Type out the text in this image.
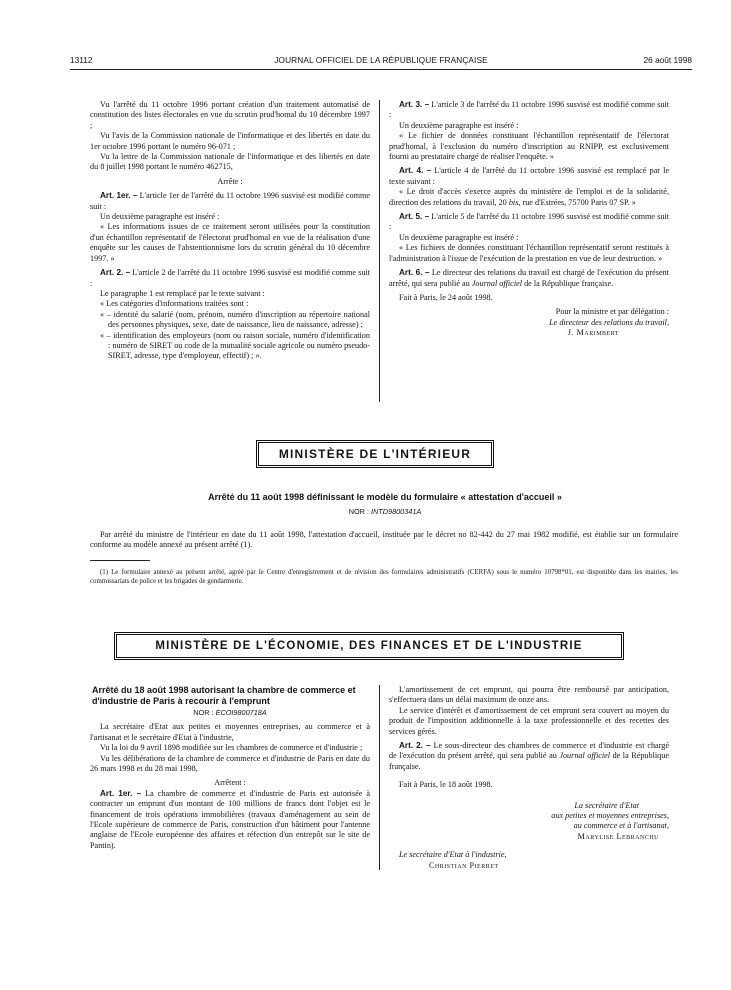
13112	JOURNAL OFFICIEL DE LA RÉPUBLIQUE FRANÇAISE	26 août 1998

Vu l'arrêté du 11 octobre 1996 portant création d'un traitement automatisé de constitution des listes électorales en vue du scrutin prud'homal du 10 décembre 1997 ;

Vu l'avis de la Commission nationale de l'informatique et des libertés en date du 1er octobre 1996 portant le numéro 96-071 ;

Vu la lettre de la Commission nationale de l'informatique et des libertés en date du 8 juillet 1998 portant le numéro 462715,

Arrête :

Art. 1er. – L'article 1er de l'arrêté du 11 octobre 1996 susvisé est modifié comme suit :

Un deuxième paragraphe est inséré :

« Les informations issues de ce traitement seront utilisées pour la constitution d'un échantillon représentatif de l'électorat prud'homal en vue de la réalisation d'une enquête sur les causes de l'abstentionnisme lors du scrutin général du 10 décembre 1997. »

Art. 2. – L'article 2 de l'arrêté du 11 octobre 1996 susvisé est modifié comme suit :

Le paragraphe 1 est remplacé par le texte suivant :

« Les catégories d'informations traitées sont :

« – identité du salarié (nom, prénom, numéro d'inscription au répertoire national des personnes physiques, sexe, date de naissance, lieu de naissance, adresse) ;

« – identification des employeurs (nom ou raison sociale, numéro d'identification : numéro de SIRET ou code de la mutualité sociale agricole ou numéro pseudo-SIRET, adresse, type d'employeur, effectif) ; ».

Art. 3. – L'article 3 de l'arrêté du 11 octobre 1996 susvisé est modifié comme suit :

Un deuxième paragraphe est inséré :

« Le fichier de données constituant l'échantillon représentatif de l'électorat prud'homal, à l'exclusion du numéro d'inscription au RNIPP, est exclusivement fourni au prestataire chargé de réaliser l'enquête. »

Art. 4. – L'article 4 de l'arrêté du 11 octobre 1996 susvisé est remplacé par le texte suivant :

« Le droit d'accès s'exerce auprès du ministère de l'emploi et de la solidarité, direction des relations du travail, 20 bis, rue d'Estrées, 75700 Paris 07 SP. »

Art. 5. – L'article 5 de l'arrêté du 11 octobre 1996 susvisé est modifié comme suit :

Un deuxième paragraphe est inséré :

« Les fichiers de données constituant l'échantillon représentatif seront restitués à l'administration à l'issue de l'exécution de la prestation en vue de leur destruction. »

Art. 6. – Le directeur des relations du travail est chargé de l'exécution du présent arrêté, qui sera publié au Journal officiel de la République française.

Fait à Paris, le 24 août 1998.

Pour la ministre et par délégation :

Le directeur des relations du travail,

J. Marimbert

MINISTÈRE DE L'INTÉRIEUR
Arrêté du 11 août 1998 définissant le modèle du formulaire « attestation d'accueil »
NOR : INTD9800341A

Par arrêté du ministre de l'intérieur en date du 11 août 1998, l'attestation d'accueil, instituée par le décret no 82-442 du 27 mai 1982 modifié, est établie sur un formulaire conforme au modèle annexé au présent arrêté (1).

(1) Le formulaire annexé au présent arrêté, agréé par le Centre d'enregistrement et de révision des formulaires administratifs (CERFA) sous le numéro 10798*01, est disponible dans les mairies, les commissariats de police et les brigades de gendarmerie.

MINISTÈRE DE L'ÉCONOMIE, DES FINANCES ET DE L'INDUSTRIE
Arrêté du 18 août 1998 autorisant la chambre de commerce et d'industrie de Paris à recourir à l'emprunt
NOR : ECOI9800718A

La secrétaire d'Etat aux petites et moyennes entreprises, au commerce et à l'artisanat et le secrétaire d'Etat à l'industrie,

Vu la loi du 9 avril 1898 modifiée sur les chambres de commerce et d'industrie ;

Vu les délibérations de la chambre de commerce et d'industrie de Paris en date du 26 mars 1998 et du 28 mai 1998,

Arrêtent :

Art. 1er. – La chambre de commerce et d'industrie de Paris est autorisée à contracter un emprunt d'un montant de 100 millions de francs dont l'objet est le financement de trois opérations immobilières (travaux d'aménagement au sein de l'Ecole supérieure de commerce de Paris, construction d'un bâtiment pour l'antenne anglaise de l'Ecole européenne des affaires et réfection d'un entrepôt sur le site de Pantin).

L'amortissement de cet emprunt, qui pourra être remboursé par anticipation, s'effectuera dans un délai maximum de onze ans.

Le service d'intérêt et d'amortissement de cet emprunt sera couvert au moyen du produit de l'imposition additionnelle à la taxe professionnelle et des recettes des services gérés.

Art. 2. – Le sous-directeur des chambres de commerce et d'industrie est chargé de l'exécution du présent arrêté, qui sera publié au Journal officiel de la République française.

Fait à Paris, le 18 août 1998.

La secrétaire d'Etat

aux petites et moyennes entreprises,

au commerce et à l'artisanat,

Marylise Lebranchu

Le secrétaire d'Etat à l'industrie,

Christian Pierret
